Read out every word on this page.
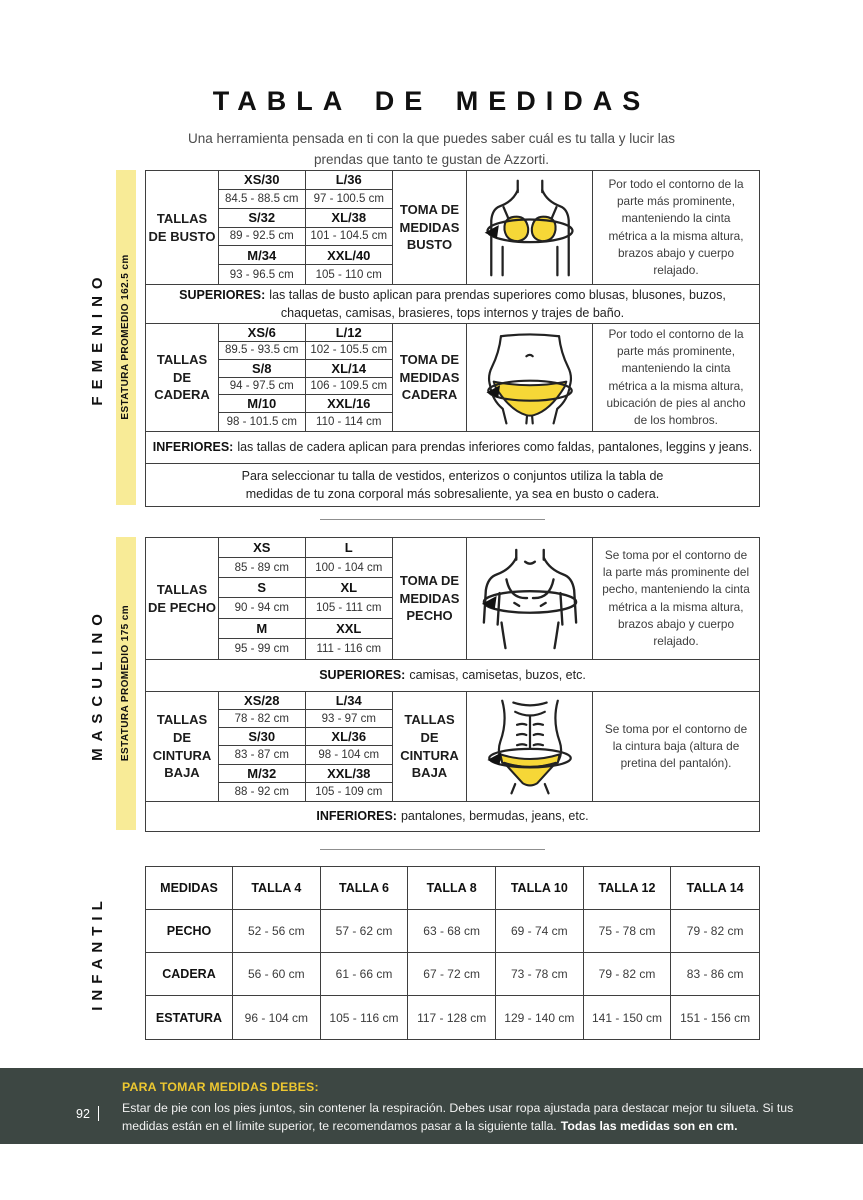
TABLA DE MEDIDAS
Una herramienta pensada en ti con la que puedes saber cuál es tu talla y lucir las
prendas que tanto te gustan de Azzorti.
FEMENINO	ESTATURA PROMEDIO 162.5 cm
TALLAS DE BUSTO
XS/30	L/36
84.5 - 88.5 cm	97 - 100.5 cm
S/32	XL/38
89 - 92.5 cm	101 - 104.5 cm
M/34	XXL/40
93 - 96.5 cm	105 - 110 cm
TOMA DE MEDIDAS BUSTO
Por todo el contorno de la parte más prominente, manteniendo la cinta métrica a la misma altura, brazos abajo y cuerpo relajado.
SUPERIORES: las tallas de busto aplican para prendas superiores como blusas, blusones, buzos, chaquetas, camisas, brasieres, tops internos y trajes de baño.
TALLAS DE CADERA
XS/6	L/12
89.5 - 93.5 cm	102 - 105.5 cm
S/8	XL/14
94 - 97.5 cm	106 - 109.5 cm
M/10	XXL/16
98 - 101.5 cm	110 - 114 cm
TOMA DE MEDIDAS CADERA
Por todo el contorno de la parte más prominente, manteniendo la cinta métrica a la misma altura, ubicación de pies al ancho de los hombros.
INFERIORES: las tallas de cadera aplican para prendas inferiores como faldas, pantalones, leggins y jeans.
Para seleccionar tu talla de vestidos, enterizos o conjuntos utiliza la tabla de medidas de tu zona corporal más sobresaliente, ya sea en busto o cadera.
MASCULINO	ESTATURA PROMEDIO 175 cm
TALLAS DE PECHO
XS	L
85 - 89 cm	100 - 104 cm
S	XL
90 - 94 cm	105 - 111 cm
M	XXL
95 - 99 cm	111 - 116 cm
TOMA DE MEDIDAS PECHO
Se toma por el contorno de la parte más prominente del pecho, manteniendo la cinta métrica a la misma altura, brazos abajo y cuerpo relajado.
SUPERIORES: camisas, camisetas, buzos, etc.
TALLAS DE CINTURA BAJA
XS/28	L/34
78 - 82 cm	93 - 97 cm
S/30	XL/36
83 - 87 cm	98 - 104 cm
M/32	XXL/38
88 - 92 cm	105 - 109 cm
TALLAS DE CINTURA BAJA
Se toma por el contorno de la cintura baja (altura de pretina del pantalón).
INFERIORES: pantalones, bermudas, jeans, etc.
INFANTIL
MEDIDAS	TALLA 4	TALLA 6	TALLA 8	TALLA 10	TALLA 12	TALLA 14
PECHO	52 - 56 cm	57 - 62 cm	63 - 68 cm	69 - 74 cm	75 - 78 cm	79 - 82 cm
CADERA	56 - 60 cm	61 - 66 cm	67 - 72 cm	73 - 78 cm	79 - 82 cm	83 - 86 cm
ESTATURA	96 - 104 cm	105 - 116 cm	117 - 128 cm	129 - 140 cm	141 - 150 cm	151 - 156 cm
92
PARA TOMAR MEDIDAS DEBES:
Estar de pie con los pies juntos, sin contener la respiración. Debes usar ropa ajustada para destacar mejor tu silueta. Si tus
medidas están en el límite superior, te recomendamos pasar a la siguiente talla. Todas las medidas son en cm.
